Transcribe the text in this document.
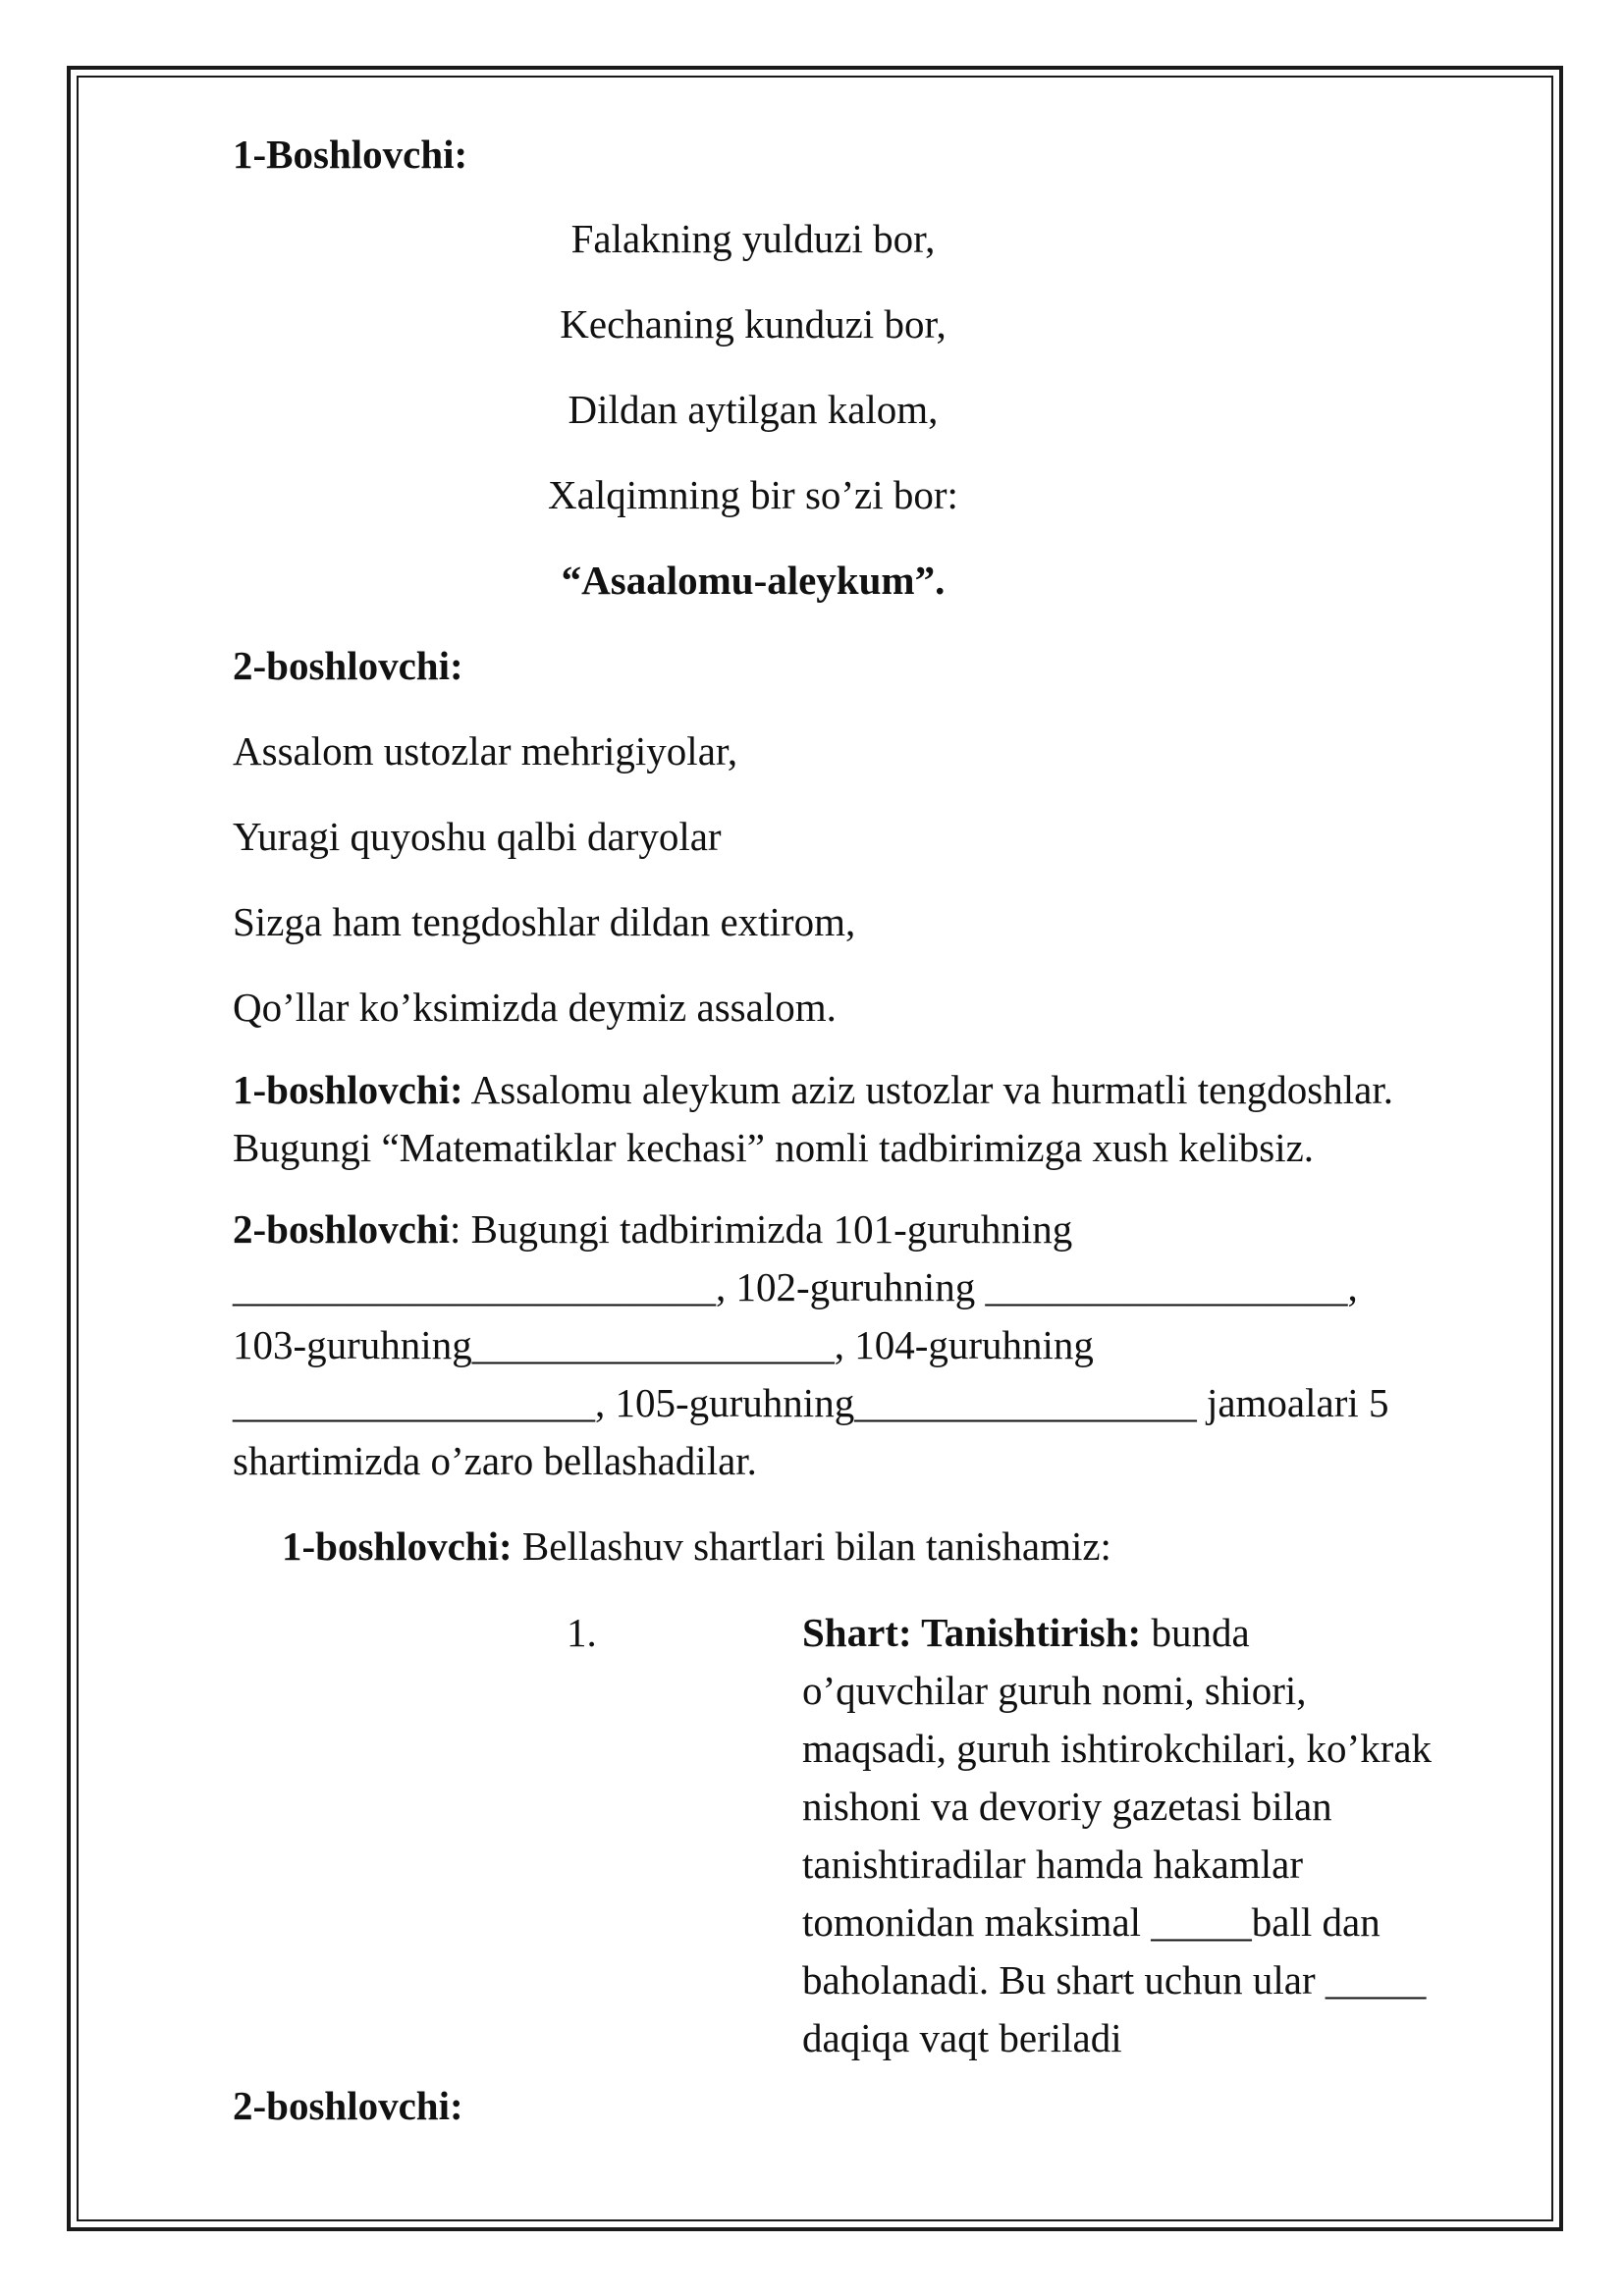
1-Boshlovchi:

Falakning yulduzi bor,
Kechaning kunduzi bor,
Dildan aytilgan kalom,
Xalqimning bir so’zi bor:
“Asaalomu-aleykum”.

2-boshlovchi:

Assalom ustozlar mehrigiyolar,

Yuragi quyoshu qalbi daryolar

Sizga ham tengdoshlar dildan extirom,

Qo’llar ko’ksimizda deymiz assalom.

1-boshlovchi: Assalomu aleykum aziz ustozlar va hurmatli tengdoshlar.
Bugungi “Matematiklar kechasi” nomli tadbirimizga xush kelibsiz.
2-boshlovchi: Bugungi tadbirimizda 101-guruhning
________________________, 102-guruhning __________________,
103-guruhning__________________, 104-guruhning
__________________, 105-guruhning_________________ jamoalari 5
shartimizda o’zaro bellashadilar.
1-boshlovchi: Bellashuv shartlari bilan tanishamiz:
1.	Shart: Tanishtirish: bunda
o’quvchilar guruh nomi, shiori,
maqsadi, guruh ishtirokchilari, ko’krak
nishoni va devoriy gazetasi bilan
tanishtiradilar hamda hakamlar
tomonidan maksimal _____ball dan
baholanadi. Bu shart uchun ular _____
daqiqa vaqt beriladi

2-boshlovchi:
